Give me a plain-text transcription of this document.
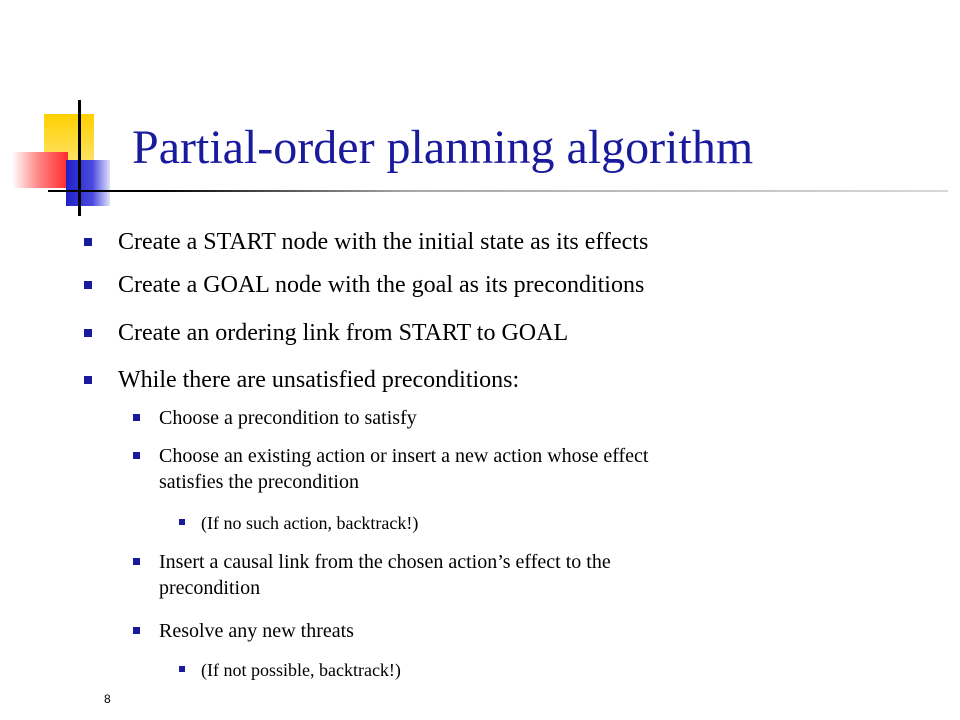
Partial-order planning algorithm
Create a START node with the initial state as its effects
Create a GOAL node with the goal as its preconditions
Create an ordering link from START to GOAL
While there are unsatisfied preconditions:
Choose a precondition to satisfy
Choose an existing action or insert a new action whose effect
satisfies the precondition
(If no such action, backtrack!)
Insert a causal link from the chosen action’s effect to the
precondition
Resolve any new threats
(If not possible, backtrack!)
8
